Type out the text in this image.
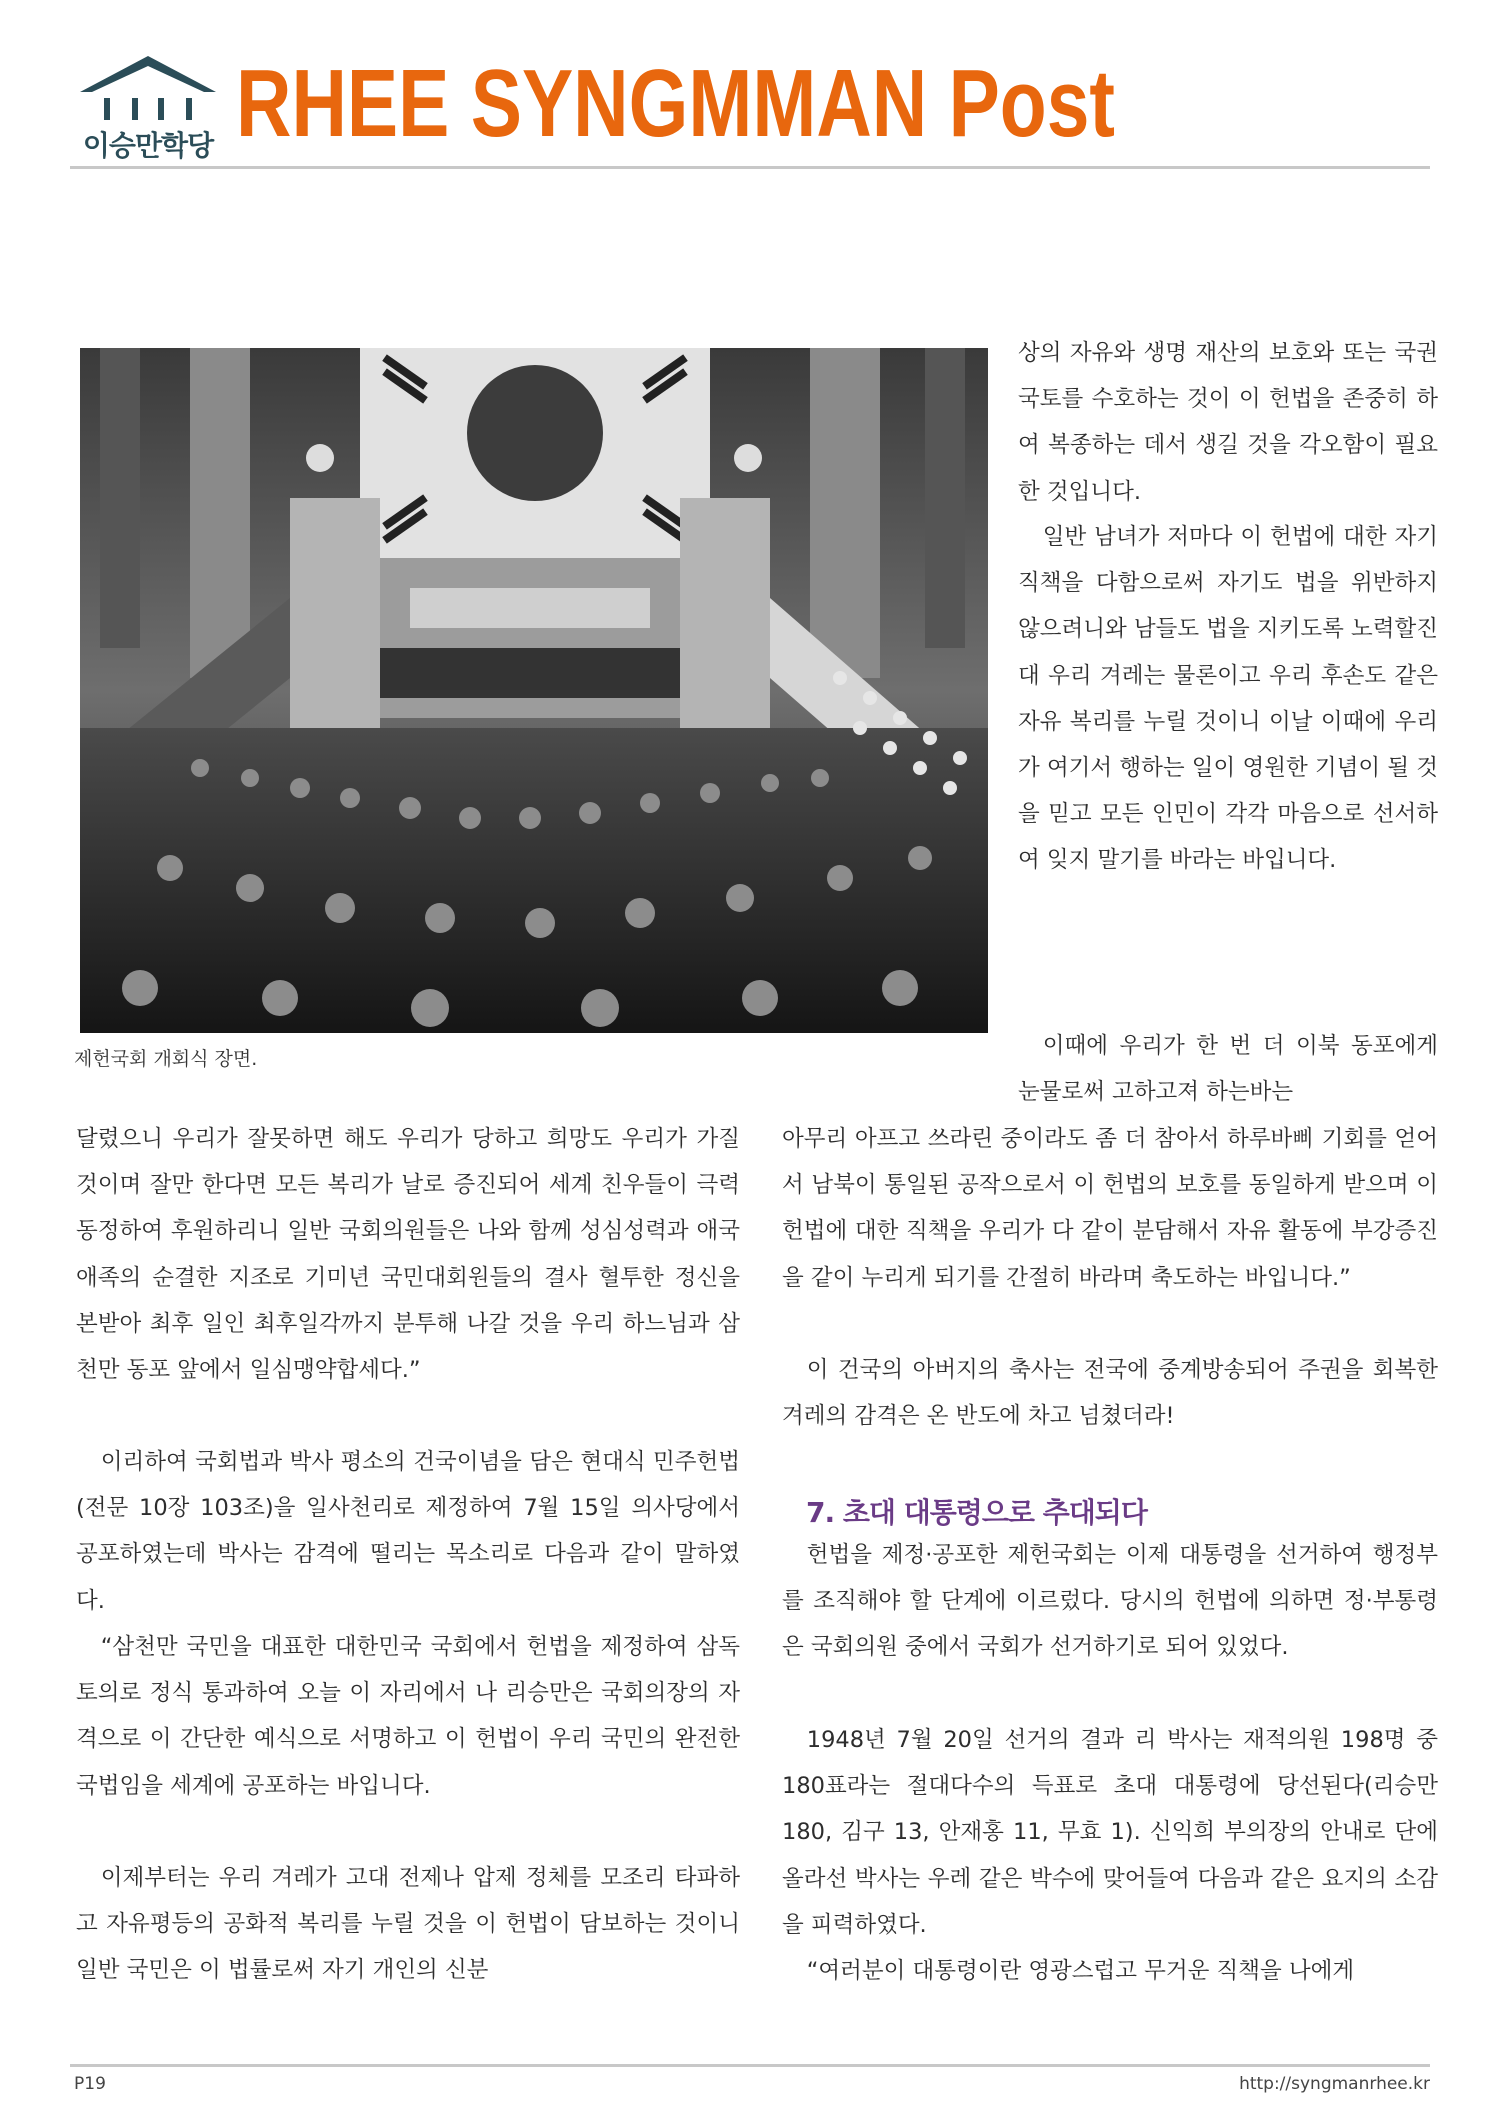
이승만학당 RHEE SYNGMMAN Post
제헌국회 개회식 장면.

상의 자유와 생명 재산의 보호와 또는 국권 국토를 수호하는 것이 이 헌법을 존중히 하여 복종하는 데서 생길 것을 각오함이 필요한 것입니다.

일반 남녀가 저마다 이 헌법에 대한 자기 직책을 다함으로써 자기도 법을 위반하지 않으려니와 남들도 법을 지키도록 노력할진대 우리 겨레는 물론이고 우리 후손도 같은 자유 복리를 누릴 것이니 이날 이때에 우리가 여기서 행하는 일이 영원한 기념이 될 것을 믿고 모든 인민이 각각 마음으로 선서하여 잊지 말기를 바라는 바입니다.

이때에 우리가 한 번 더 이북 동포에게 눈물로써 고하고져 하는바는

달렸으니 우리가 잘못하면 해도 우리가 당하고 희망도 우리가 가질 것이며 잘만 한다면 모든 복리가 날로 증진되어 세계 친우들이 극력 동정하여 후원하리니 일반 국회의원들은 나와 함께 성심성력과 애국애족의 순결한 지조로 기미년 국민대회원들의 결사 혈투한 정신을 본받아 최후 일인 최후일각까지 분투해 나갈 것을 우리 하느님과 삼천만 동포 앞에서 일심맹약합세다.”

이리하여 국회법과 박사 평소의 건국이념을 담은 현대식 민주헌법(전문 10장 103조)을 일사천리로 제정하여 7월 15일 의사당에서 공포하였는데 박사는 감격에 떨리는 목소리로 다음과 같이 말하였다.

“삼천만 국민을 대표한 대한민국 국회에서 헌법을 제정하여 삼독 토의로 정식 통과하여 오늘 이 자리에서 나 리승만은 국회의장의 자격으로 이 간단한 예식으로 서명하고 이 헌법이 우리 국민의 완전한 국법임을 세계에 공포하는 바입니다.

이제부터는 우리 겨레가 고대 전제나 압제 정체를 모조리 타파하고 자유평등의 공화적 복리를 누릴 것을 이 헌법이 담보하는 것이니 일반 국민은 이 법률로써 자기 개인의 신분

아무리 아프고 쓰라린 중이라도 좀 더 참아서 하루바삐 기회를 얻어서 남북이 통일된 공작으로서 이 헌법의 보호를 동일하게 받으며 이 헌법에 대한 직책을 우리가 다 같이 분담해서 자유 활동에 부강증진을 같이 누리게 되기를 간절히 바라며 축도하는 바입니다.”

이 건국의 아버지의 축사는 전국에 중계방송되어 주권을 회복한 겨레의 감격은 온 반도에 차고 넘쳤더라!

7. 초대 대통령으로 추대되다

헌법을 제정·공포한 제헌국회는 이제 대통령을 선거하여 행정부를 조직해야 할 단계에 이르렀다. 당시의 헌법에 의하면 정·부통령은 국회의원 중에서 국회가 선거하기로 되어 있었다.

1948년 7월 20일 선거의 결과 리 박사는 재적의원 198명 중 180표라는 절대다수의 득표로 초대 대통령에 당선된다(리승만 180, 김구 13, 안재홍 11, 무효 1). 신익희 부의장의 안내로 단에 올라선 박사는 우레 같은 박수에 맞어들여 다음과 같은 요지의 소감을 피력하였다.

“여러분이 대통령이란 영광스럽고 무거운 직책을 나에게

P19	http://syngmanrhee.kr
